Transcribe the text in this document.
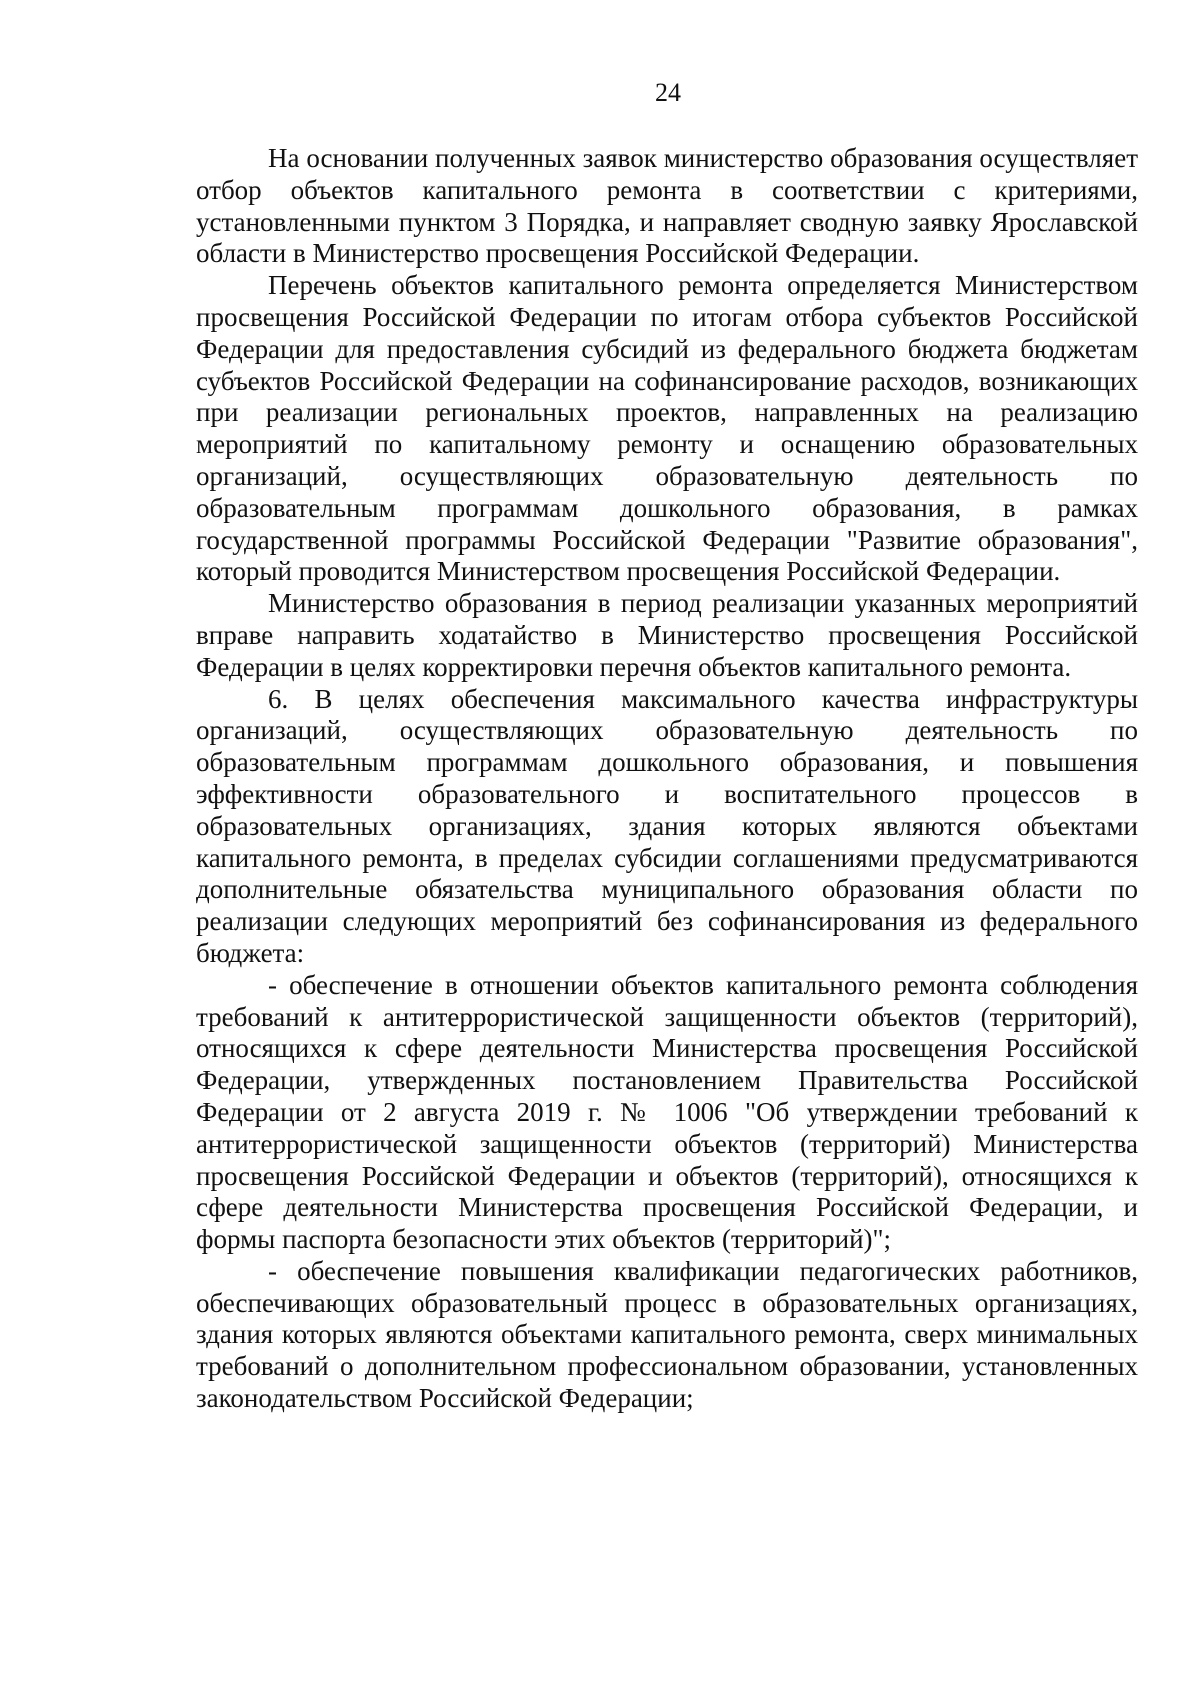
24

На основании полученных заявок министерство образования осуществляет отбор объектов капитального ремонта в соответствии с критериями, установленными пунктом 3 Порядка, и направляет сводную заявку Ярославской области в Министерство просвещения Российской Федерации.

Перечень объектов капитального ремонта определяется Министерством просвещения Российской Федерации по итогам отбора субъектов Российской Федерации для предоставления субсидий из федерального бюджета бюджетам субъектов Российской Федерации на софинансирование расходов, возникающих при реализации региональных проектов, направленных на реализацию мероприятий по капитальному ремонту и оснащению образовательных организаций, осуществляющих образовательную деятельность по образовательным программам дошкольного образования, в рамках государственной программы Российской Федерации "Развитие образования", который проводится Министерством просвещения Российской Федерации.

Министерство образования в период реализации указанных мероприятий вправе направить ходатайство в Министерство просвещения Российской Федерации в целях корректировки перечня объектов капитального ремонта.

6. В целях обеспечения максимального качества инфраструктуры организаций, осуществляющих образовательную деятельность по образовательным программам дошкольного образования, и повышения эффективности образовательного и воспитательного процессов в образовательных организациях, здания которых являются объектами капитального ремонта, в пределах субсидии соглашениями предусматриваются дополнительные обязательства муниципального образования области по реализации следующих мероприятий без софинансирования из федерального бюджета:

- обеспечение в отношении объектов капитального ремонта соблюдения требований к антитеррористической защищенности объектов (территорий), относящихся к сфере деятельности Министерства просвещения Российской Федерации, утвержденных постановлением Правительства Российской Федерации от 2 августа 2019 г. № 1006 "Об утверждении требований к антитеррористической защищенности объектов (территорий) Министерства просвещения Российской Федерации и объектов (территорий), относящихся к сфере деятельности Министерства просвещения Российской Федерации, и формы паспорта безопасности этих объектов (территорий)";

- обеспечение повышения квалификации педагогических работников, обеспечивающих образовательный процесс в образовательных организациях, здания которых являются объектами капитального ремонта, сверх минимальных требований о дополнительном профессиональном образовании, установленных законодательством Российской Федерации;
